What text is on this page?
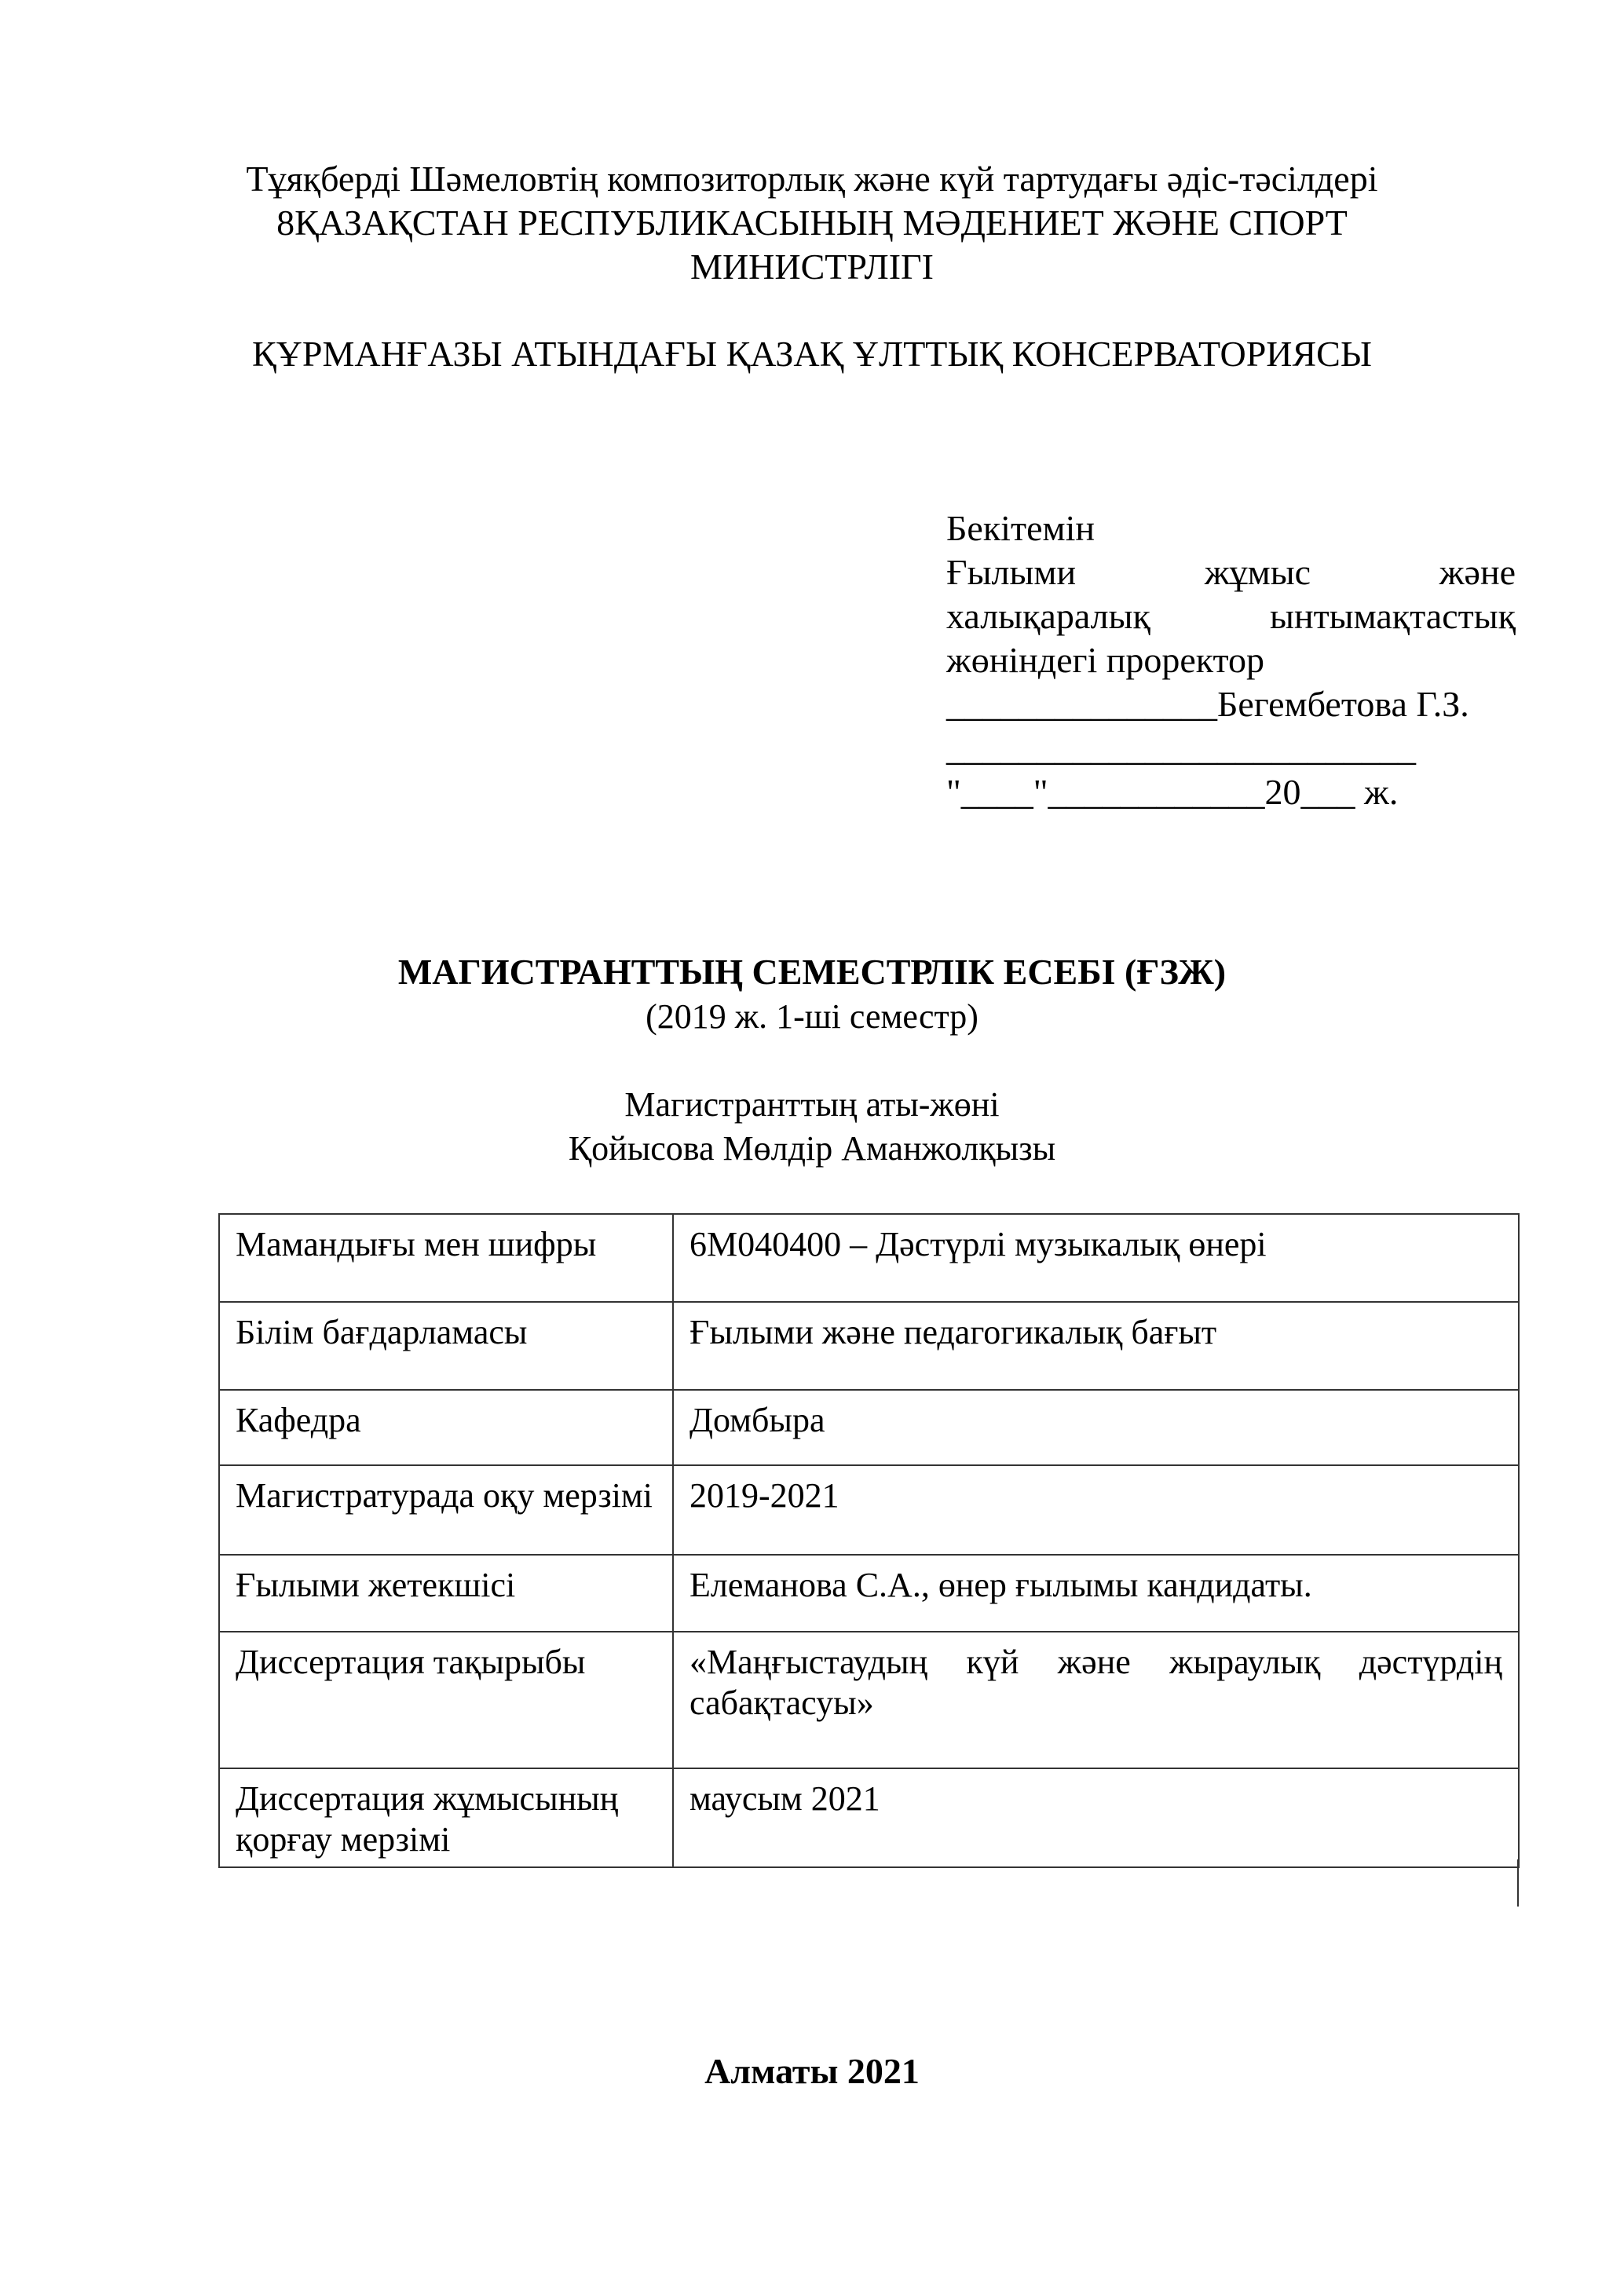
Тұяқберді Шәмеловтің композиторлық және күй тартудағы әдіс-тәсілдері
8ҚАЗАҚСТАН РЕСПУБЛИКАСЫНЫҢ МӘДЕНИЕТ ЖӘНЕ СПОРТ
МИНИСТРЛІГІ
ҚҰРМАНҒАЗЫ АТЫНДАҒЫ ҚАЗАҚ ҰЛТТЫҚ КОНСЕРВАТОРИЯСЫ
Бекітемін
Ғылыми жұмыс және
халықаралық ынтымақтастық
жөніндегі проректор
_______________Бегембетова Г.З.
__________________________
"____"____________20___ ж.
МАГИСТРАНТТЫҢ СЕМЕСТРЛІК ЕСЕБІ (ҒЗЖ)
(2019 ж. 1-ші семестр)
Магистранттың аты-жөні
Қойысова Мөлдір Аманжолқызы
Мамандығы мен шифры	6М040400 – Дәстүрлі музыкалық өнері
Білім бағдарламасы	Ғылыми және педагогикалық бағыт
Кафедра	Домбыра
Магистратурада оқу мерзімі	2019-2021
Ғылыми жетекшісі	Елеманова С.А., өнер ғылымы кандидаты.
Диссертация тақырыбы	«Маңғыстаудың күй және жыраулық дәстүрдің сабақтасуы»
Диссертация жұмысының қорғау мерзімі	маусым 2021
Алматы 2021
